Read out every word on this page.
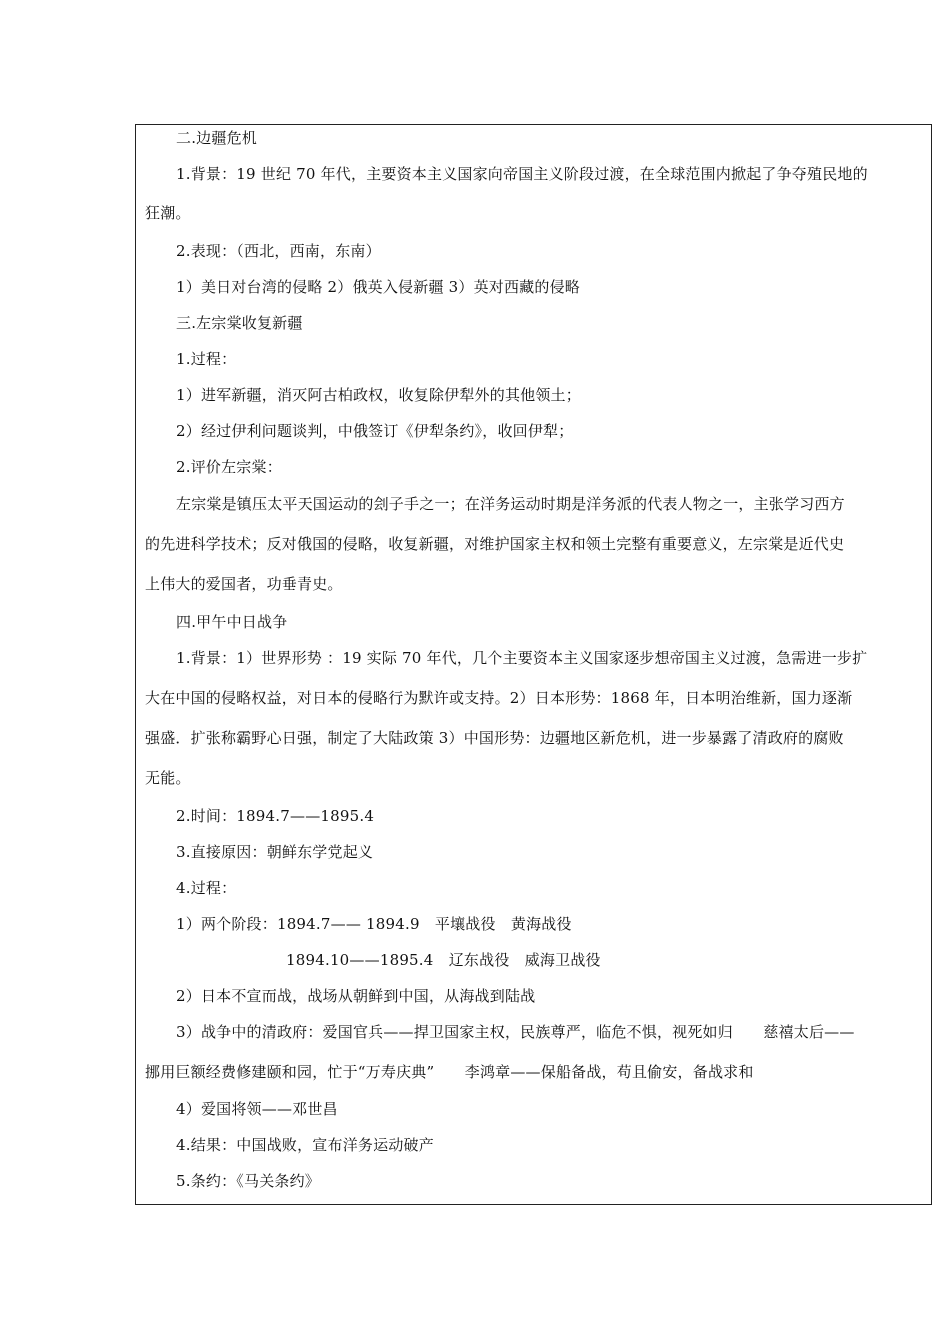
二.边疆危机
1.背景：19 世纪 70 年代，主要资本主义国家向帝国主义阶段过渡，在全球范围内掀起了争夺殖民地的
狂潮。
2.表现：（西北，西南，东南）
1）美日对台湾的侵略 2）俄英入侵新疆 3）英对西藏的侵略
三.左宗棠收复新疆
1.过程：
1）进军新疆，消灭阿古柏政权，收复除伊犁外的其他领土；
2）经过伊利问题谈判，中俄签订《伊犁条约》，收回伊犁；
2.评价左宗棠：
左宗棠是镇压太平天国运动的刽子手之一；在洋务运动时期是洋务派的代表人物之一，主张学习西方
的先进科学技术；反对俄国的侵略，收复新疆，对维护国家主权和领土完整有重要意义，左宗棠是近代史
上伟大的爱国者，功垂青史。
四.甲午中日战争
1.背景：1）世界形势 ：19 实际 70 年代，几个主要资本主义国家逐步想帝国主义过渡，急需进一步扩
大在中国的侵略权益，对日本的侵略行为默许或支持。2）日本形势：1868 年，日本明治维新，国力逐渐
强盛．扩张称霸野心日强，制定了大陆政策 3）中国形势：边疆地区新危机，进一步暴露了清政府的腐败
无能。
2.时间：1894.7——1895.4
3.直接原因：朝鲜东学党起义
4.过程：
1）两个阶段：1894.7—— 1894.9　平壤战役　黄海战役
1894.10——1895.4　辽东战役　威海卫战役
2）日本不宣而战，战场从朝鲜到中国，从海战到陆战
3）战争中的清政府：爱国官兵——捍卫国家主权，民族尊严，临危不惧，视死如归　　慈禧太后——
挪用巨额经费修建颐和园，忙于“万寿庆典”　　李鸿章——保船备战，苟且偷安，备战求和
4）爱国将领——邓世昌
4.结果：中国战败，宣布洋务运动破产
5.条约：《马关条约》
